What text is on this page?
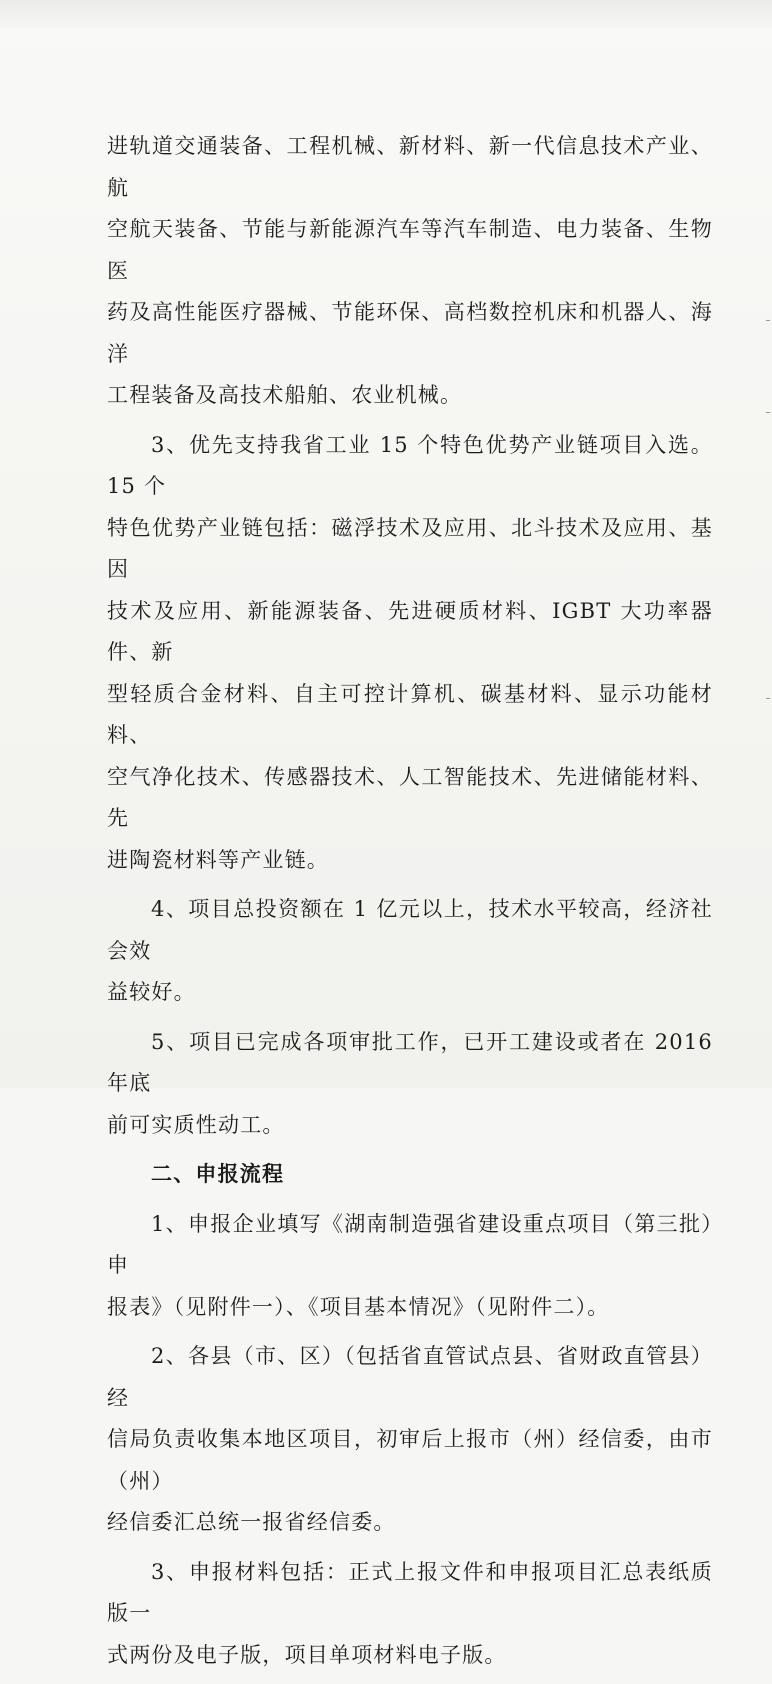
进轨道交通装备、工程机械、新材料、新一代信息技术产业、航
空航天装备、节能与新能源汽车等汽车制造、电力装备、生物医
药及高性能医疗器械、节能环保、高档数控机床和机器人、海洋
工程装备及高技术船舶、农业机械。

3、优先支持我省工业 15 个特色优势产业链项目入选。15 个
特色优势产业链包括：磁浮技术及应用、北斗技术及应用、基因
技术及应用、新能源装备、先进硬质材料、IGBT 大功率器件、新
型轻质合金材料、自主可控计算机、碳基材料、显示功能材料、
空气净化技术、传感器技术、人工智能技术、先进储能材料、先
进陶瓷材料等产业链。

4、项目总投资额在 1 亿元以上，技术水平较高，经济社会效
益较好。

5、项目已完成各项审批工作，已开工建设或者在 2016 年底
前可实质性动工。

二、申报流程

1、申报企业填写《湖南制造强省建设重点项目（第三批）申
报表》（见附件一）、《项目基本情况》（见附件二）。

2、各县（市、区）（包括省直管试点县、省财政直管县）经
信局负责收集本地区项目，初审后上报市（州）经信委，由市（州）
经信委汇总统一报省经信委。

3、申报材料包括：正式上报文件和申报项目汇总表纸质版一
式两份及电子版，项目单项材料电子版。
